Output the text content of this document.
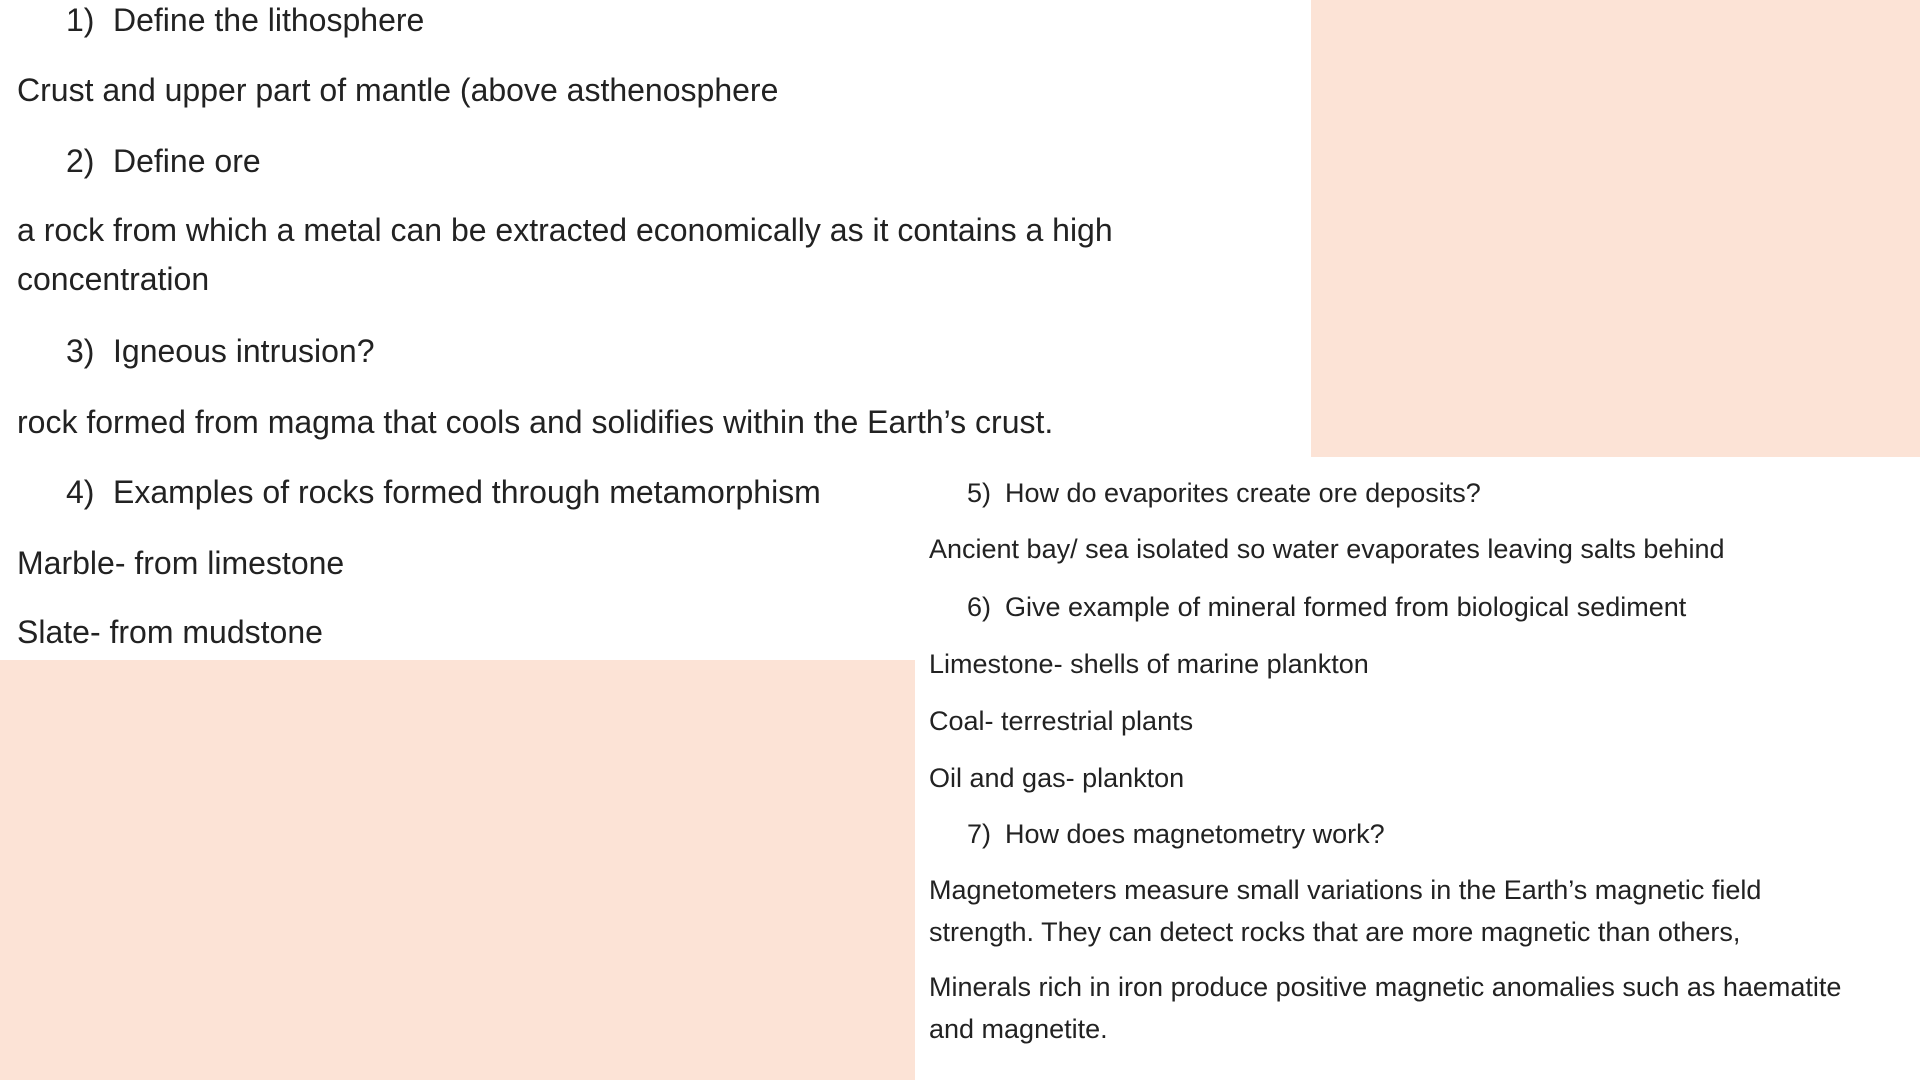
1) Define the lithosphere

Crust and upper part of mantle (above asthenosphere

2) Define ore

a rock from which a metal can be extracted economically as it contains a high

concentration

3) Igneous intrusion?

rock formed from magma that cools and solidifies within the Earth’s crust.

4) Examples of rocks formed through metamorphism

Marble- from limestone

Slate- from mudstone

5) How do evaporites create ore deposits?

Ancient bay/ sea isolated so water evaporates leaving salts behind

6) Give example of mineral formed from biological sediment

Limestone- shells of marine plankton

Coal- terrestrial plants

Oil and gas- plankton

7) How does magnetometry work?

Magnetometers measure small variations in the Earth’s magnetic field

strength. They can detect rocks that are more magnetic than others,

Minerals rich in iron produce positive magnetic anomalies such as haematite

and magnetite.
